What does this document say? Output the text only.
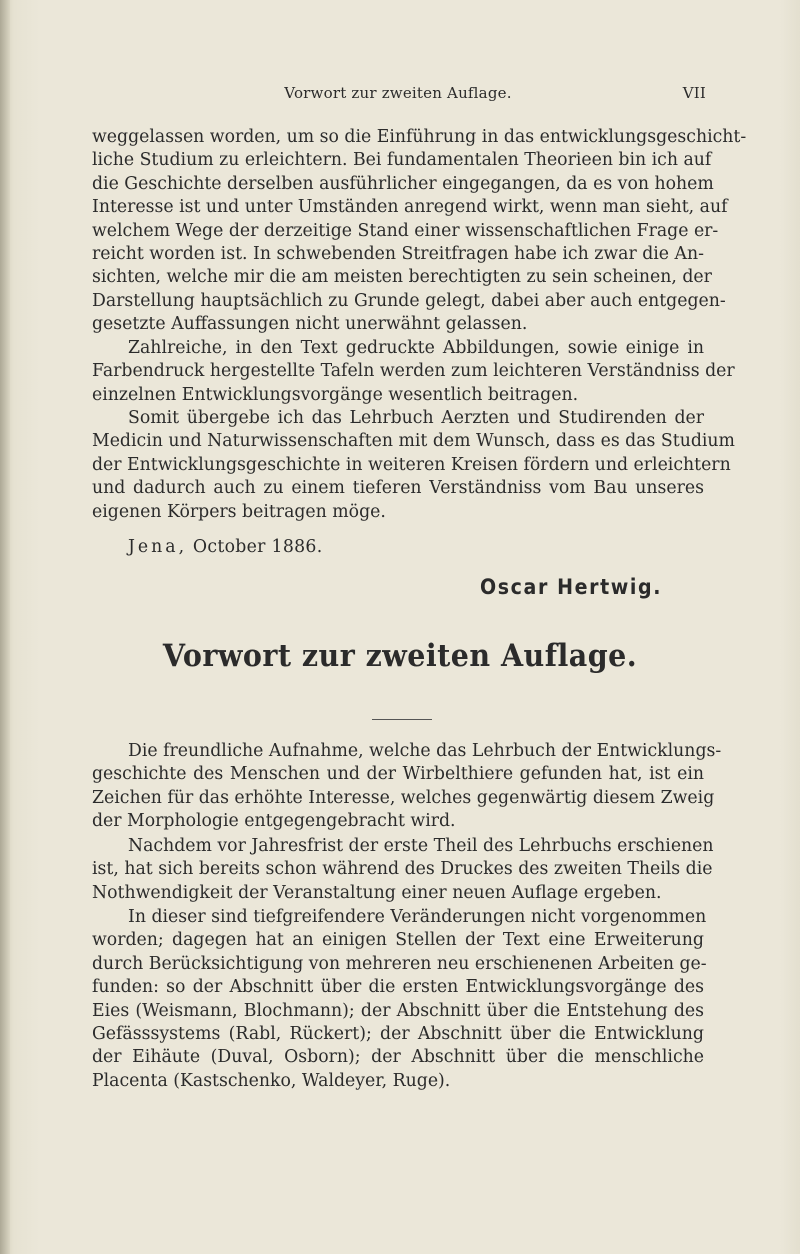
Vorwort zur zweiten Auflage.	VII
weggelassen worden, um so die Einführung in das entwicklungsgeschicht-
liche Studium zu erleichtern. Bei fundamentalen Theorieen bin ich auf
die Geschichte derselben ausführlicher eingegangen, da es von hohem
Interesse ist und unter Umständen anregend wirkt, wenn man sieht, auf
welchem Wege der derzeitige Stand einer wissenschaftlichen Frage er-
reicht worden ist. In schwebenden Streitfragen habe ich zwar die An-
sichten, welche mir die am meisten berechtigten zu sein scheinen, der
Darstellung hauptsächlich zu Grunde gelegt, dabei aber auch entgegen-
gesetzte Auffassungen nicht unerwähnt gelassen.
Zahlreiche, in den Text gedruckte Abbildungen, sowie einige in
Farbendruck hergestellte Tafeln werden zum leichteren Verständniss der
einzelnen Entwicklungsvorgänge wesentlich beitragen.
Somit übergebe ich das Lehrbuch Aerzten und Studirenden der
Medicin und Naturwissenschaften mit dem Wunsch, dass es das Studium
der Entwicklungsgeschichte in weiteren Kreisen fördern und erleichtern
und dadurch auch zu einem tieferen Verständniss vom Bau unseres
eigenen Körpers beitragen möge.
Jena, October 1886.
Oscar Hertwig.
Vorwort zur zweiten Auflage.
Die freundliche Aufnahme, welche das Lehrbuch der Entwicklungs-
geschichte des Menschen und der Wirbelthiere gefunden hat, ist ein
Zeichen für das erhöhte Interesse, welches gegenwärtig diesem Zweig
der Morphologie entgegengebracht wird.
Nachdem vor Jahresfrist der erste Theil des Lehrbuchs erschienen
ist, hat sich bereits schon während des Druckes des zweiten Theils die
Nothwendigkeit der Veranstaltung einer neuen Auflage ergeben.
In dieser sind tiefgreifendere Veränderungen nicht vorgenommen
worden; dagegen hat an einigen Stellen der Text eine Erweiterung
durch Berücksichtigung von mehreren neu erschienenen Arbeiten ge-
funden: so der Abschnitt über die ersten Entwicklungsvorgänge des
Eies (Weismann, Blochmann); der Abschnitt über die Entstehung des
Gefässsystems (Rabl, Rückert); der Abschnitt über die Entwicklung
der Eihäute (Duval, Osborn); der Abschnitt über die menschliche
Placenta (Kastschenko, Waldeyer, Ruge).
